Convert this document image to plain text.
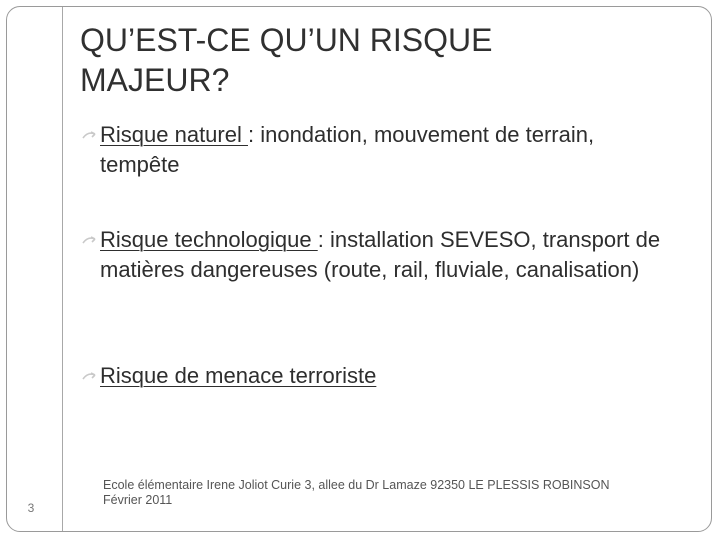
QU’EST-CE QU’UN RISQUE MAJEUR?
Risque naturel : inondation, mouvement de terrain, tempête
Risque technologique : installation SEVESO, transport de matières dangereuses (route, rail, fluviale, canalisation)
Risque de menace terroriste
Ecole élémentaire Irene Joliot Curie 3, allee du Dr Lamaze 92350 LE PLESSIS ROBINSON
Février 2011
3
